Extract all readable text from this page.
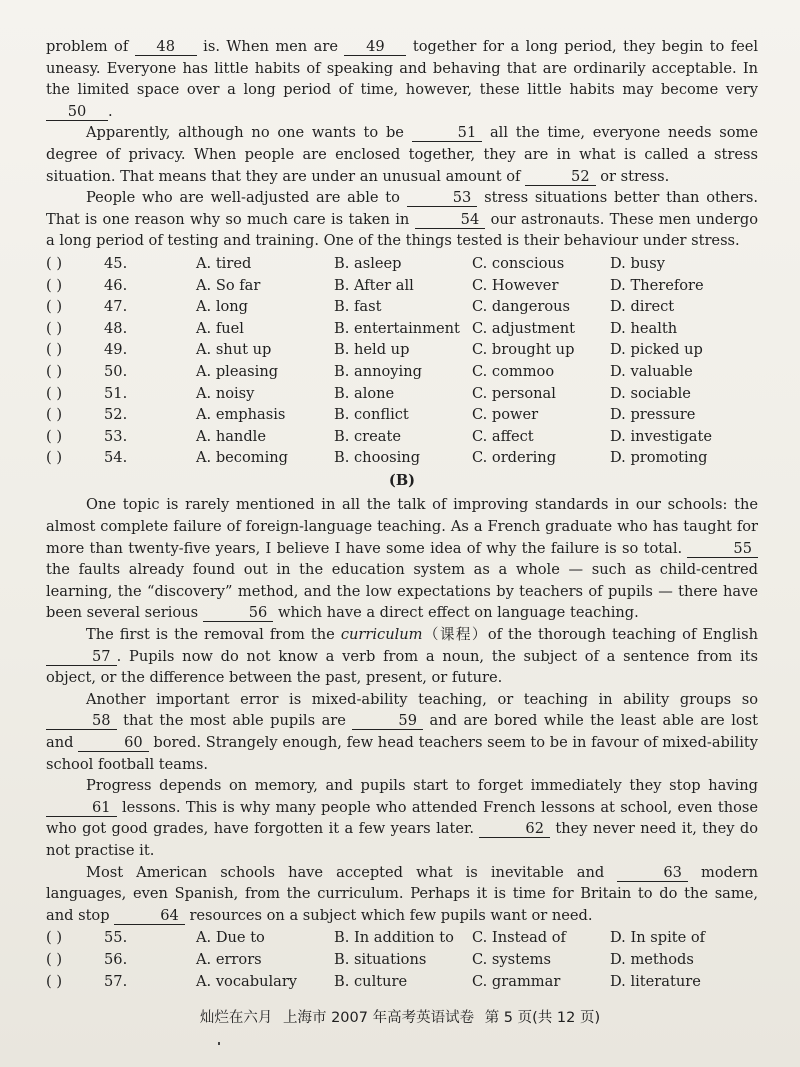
problem of 48 is. When men are 49 together for a long period, they begin to feel uneasy. Everyone has little habits of speaking and behaving that are ordinarily acceptable. In the limited space over a long period of time, however, these little habits may become very 50 .

Apparently, although no one wants to be	51 all the time, everyone needs some degree of privacy. When people are enclosed together, they are in what is called a stress situation. That means that they are under an unusual amount of	52 or stress.

People who are well-adjusted are able to	53 stress situations better than others. That is one reason why so much care is taken in	54 our astronauts. These men undergo a long period of testing and training. One of the things tested is their behaviour under stress.

( )	45.	A. tired	B. asleep	C. conscious	D. busy
( )	46.	A. So far	B. After all	C. However	D. Therefore
( )	47.	A. long	B. fast	C. dangerous	D. direct
( )	48.	A. fuel	B. entertainment C. adjustment	D. health
( )	49.	A. shut up	B. held up	C. brought up	D. picked up
( )	50.	A. pleasing	B. annoying	C. commoo	D. valuable
( )	51.	A. noisy	B. alone	C. personal	D. sociable
( )	52.	A. emphasis	B. conflict	C. power	D. pressure
( )	53.	A. handle	B. create	C. affect	D. investigate
( )	54.	A. becoming	B. choosing	C. ordering	D. promoting
(B)

One topic is rarely mentioned in all the talk of improving standards in our schools: the almost complete failure of foreign-language teaching. As a French graduate who has taught for more than twenty-five years, I believe I have some idea of why the failure is so total.	55 the faults already found out in the education system as a whole — such as child-centred learning, the “discovery” method, and the low expectations by teachers of pupils — there have been several serious	56 which have a direct effect on language teaching.

The first is the removal from the curriculum（课程）of the thorough teaching of English 57 . Pupils now do not know a verb from a noun, the subject of a sentence from its object, or the difference between the past, present, or future.

Another important error is mixed-ability teaching, or teaching in ability groups so 58 that the most able pupils are	59 and are bored while the least able are lost and	60 bored. Strangely enough, few head teachers seem to be in favour of mixed-ability school football teams.

Progress depends on memory, and pupils start to forget immediately they stop having 61 lessons. This is why many people who attended French lessons at school, even those who got good grades, have forgotten it a few years later.	62 they never need it, they do not practise it.

Most American schools have accepted what is inevitable and	63 modern languages, even Spanish, from the curriculum. Perhaps it is time for Britain to do the same, and stop	64 resources on a subject which few pupils want or need.

( )	55.	A. Due to	B. In addition to	C. Instead of	D. In spite of
( )	56.	A. errors	B. situations	C. systems	D. methods
( )	57.	A. vocabulary	B. culture	C. grammar	D. literature
灿烂在六月 上海市 2007 年高考英语试卷 第 5 页(共 12 页)
